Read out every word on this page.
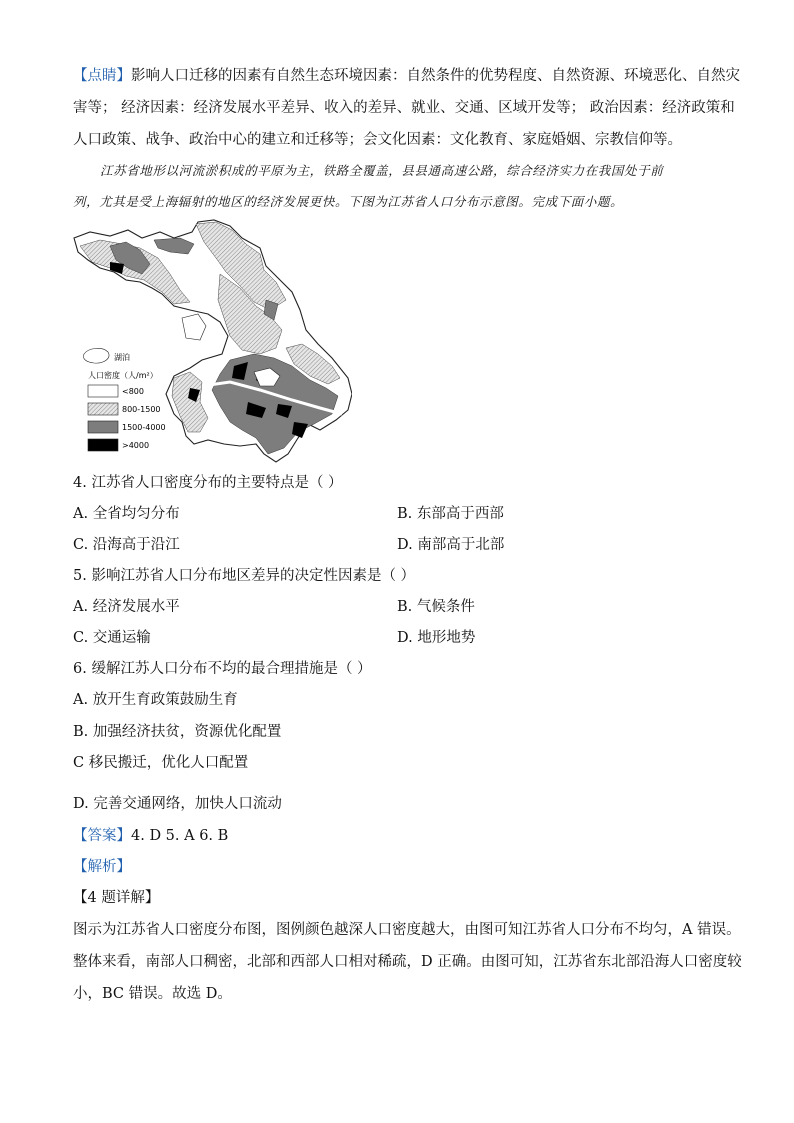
【点睛】影响人口迁移的因素有自然生态环境因素：自然条件的优势程度、自然资源、环境恶化、自然灾
害等； 经济因素：经济发展水平差异、收入的差异、就业、交通、区域开发等； 政治因素：经济政策和
人口政策、战争、政治中心的建立和迁移等；会文化因素：文化教育、家庭婚姻、宗教信仰等。
江苏省地形以河流淤积成的平原为主，铁路全覆盖，县县通高速公路，综合经济实力在我国处于前
列，尤其是受上海辐射的地区的经济发展更快。下图为江苏省人口分布示意图。完成下面小题。
湖泊
人口密度（人/m²）
<800
800-1500
1500-4000
>4000
4. 江苏省人口密度分布的主要特点是（ ）
A. 全省均匀分布	B. 东部高于西部
C. 沿海高于沿江	D. 南部高于北部
5. 影响江苏省人口分布地区差异的决定性因素是（ ）
A. 经济发展水平	B. 气候条件
C. 交通运输	D. 地形地势
6. 缓解江苏人口分布不均的最合理措施是（ ）
A. 放开生育政策鼓励生育
B. 加强经济扶贫，资源优化配置
C 移民搬迁，优化人口配置
D. 完善交通网络，加快人口流动
【答案】4. D 5. A 6. B
【解析】
【4 题详解】
图示为江苏省人口密度分布图，图例颜色越深人口密度越大，由图可知江苏省人口分布不均匀，A 错误。
整体来看，南部人口稠密，北部和西部人口相对稀疏，D 正确。由图可知，江苏省东北部沿海人口密度较
小，BC 错误。故选 D。
